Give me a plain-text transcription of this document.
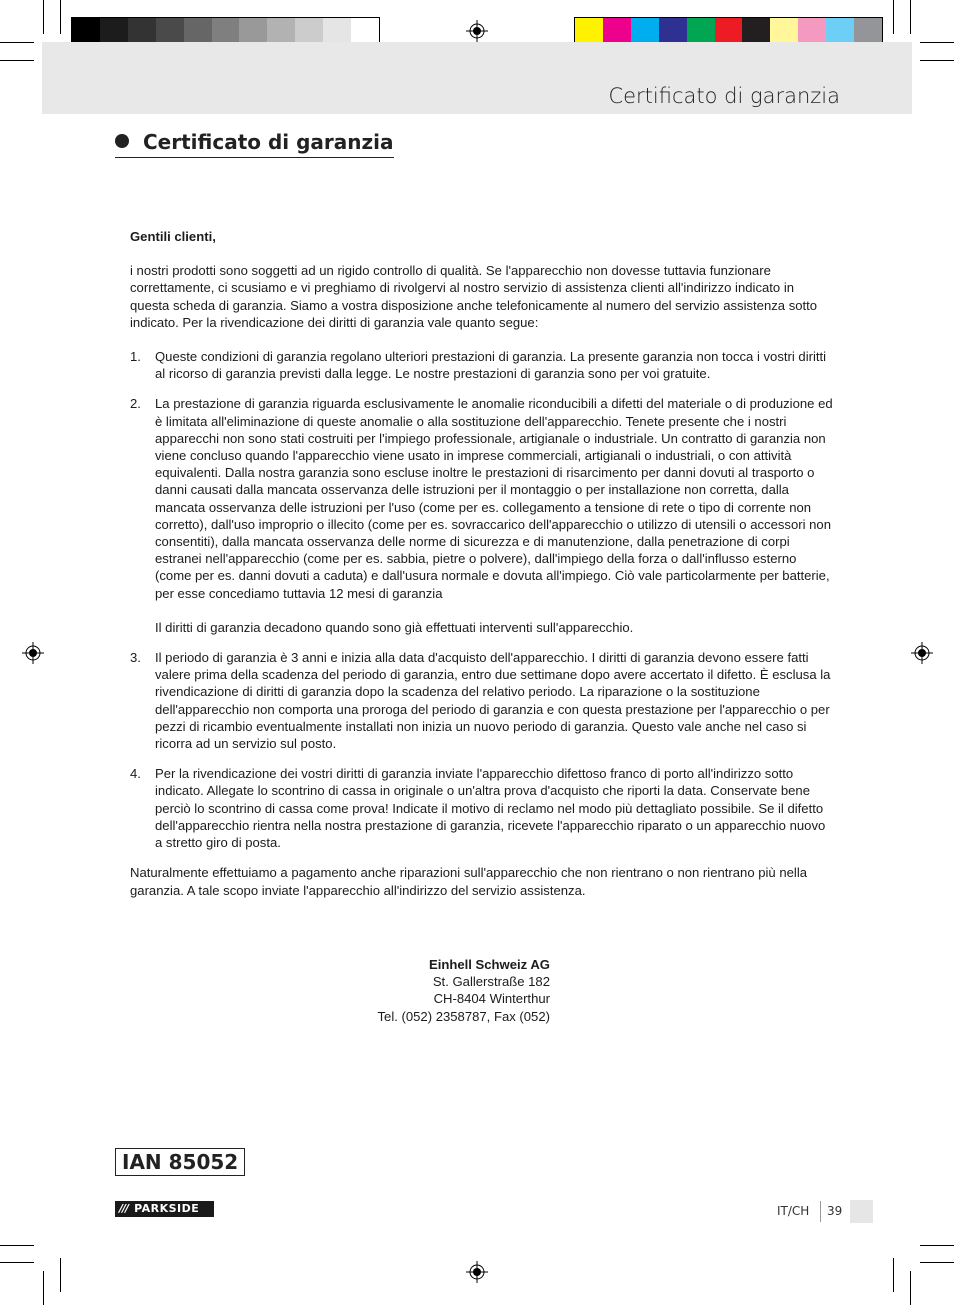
Certificato di garanzia
Certificato di garanzia

Gentili clienti,

i nostri prodotti sono soggetti ad un rigido controllo di qualità. Se l'apparecchio non dovesse tuttavia funzionare correttamente, ci scusiamo e vi preghiamo di rivolgervi al nostro servizio di assistenza clienti all'indirizzo indicato in questa scheda di garanzia. Siamo a vostra disposizione anche telefonicamente al numero del servizio assistenza sotto indicato. Per la rivendicazione dei diritti di garanzia vale quanto segue:

1.	Queste condizioni di garanzia regolano ulteriori prestazioni di garanzia. La presente garanzia non tocca i vostri diritti al ricorso di garanzia previsti dalla legge. Le nostre prestazioni di garanzia sono per voi gratuite.

2.	La prestazione di garanzia riguarda esclusivamente le anomalie riconducibili a difetti del materiale o di produzione ed è limitata all'eliminazione di queste anomalie o alla sostituzione dell'apparecchio. Tenete presente che i nostri apparecchi non sono stati costruiti per l'impiego professionale, artigianale o industriale. Un contratto di garanzia non viene concluso quando l'apparecchio viene usato in imprese commerciali, artigianali o industriali, o con attività equivalenti. Dalla nostra garanzia sono escluse inoltre le prestazioni di risarcimento per danni dovuti al trasporto o danni causati dalla mancata osservanza delle istruzioni per il montaggio o per installazione non corretta, dalla mancata osservanza delle istruzioni per l'uso (come per es. collegamento a tensione di rete o tipo di corrente non corretto), dall'uso improprio o illecito (come per es. sovraccarico dell'apparecchio o utilizzo di utensili o accessori non consentiti), dalla mancata osservanza delle norme di sicurezza e di manutenzione, dalla penetrazione di corpi estranei nell'apparecchio (come per es. sabbia, pietre o polvere), dall'impiego della forza o dall'influsso esterno (come per es. danni dovuti a caduta) e dall'usura normale e dovuta all'impiego. Ciò vale particolarmente per batterie, per esse concediamo tuttavia 12 mesi di garanzia

Il diritti di garanzia decadono quando sono già effettuati interventi sull'apparecchio.

3.	Il periodo di garanzia è 3 anni e inizia alla data d'acquisto dell'apparecchio. I diritti di garanzia devono essere fatti valere prima della scadenza del periodo di garanzia, entro due settimane dopo avere accertato il difetto. È esclusa la rivendicazione di diritti di garanzia dopo la scadenza del relativo periodo. La riparazione o la sostituzione dell'apparecchio non comporta una proroga del periodo di garanzia e con questa prestazione per l'apparecchio o per pezzi di ricambio eventualmente installati non inizia un nuovo periodo di garanzia. Questo vale anche nel caso si ricorra ad un servizio sul posto.

4.	Per la rivendicazione dei vostri diritti di garanzia inviate l'apparecchio difettoso franco di porto all'indirizzo sotto indicato. Allegate lo scontrino di cassa in originale o un'altra prova d'acquisto che riporti la data. Conservate bene perciò lo scontrino di cassa come prova! Indicate il motivo di reclamo nel modo più dettagliato possibile. Se il difetto dell'apparecchio rientra nella nostra prestazione di garanzia, ricevete l'apparecchio riparato o un apparecchio nuovo a stretto giro di posta.

Naturalmente effettuiamo a pagamento anche riparazioni sull'apparecchio che non rientrano o non rientrano più nella garanzia. A tale scopo inviate l'apparecchio all'indirizzo del servizio assistenza.

Einhell Schweiz AG
St. Gallerstraße 182
CH-8404 Winterthur
Tel. (052) 2358787, Fax (052)
IAN 85052
/// PARKSIDE	IT/CH 39
